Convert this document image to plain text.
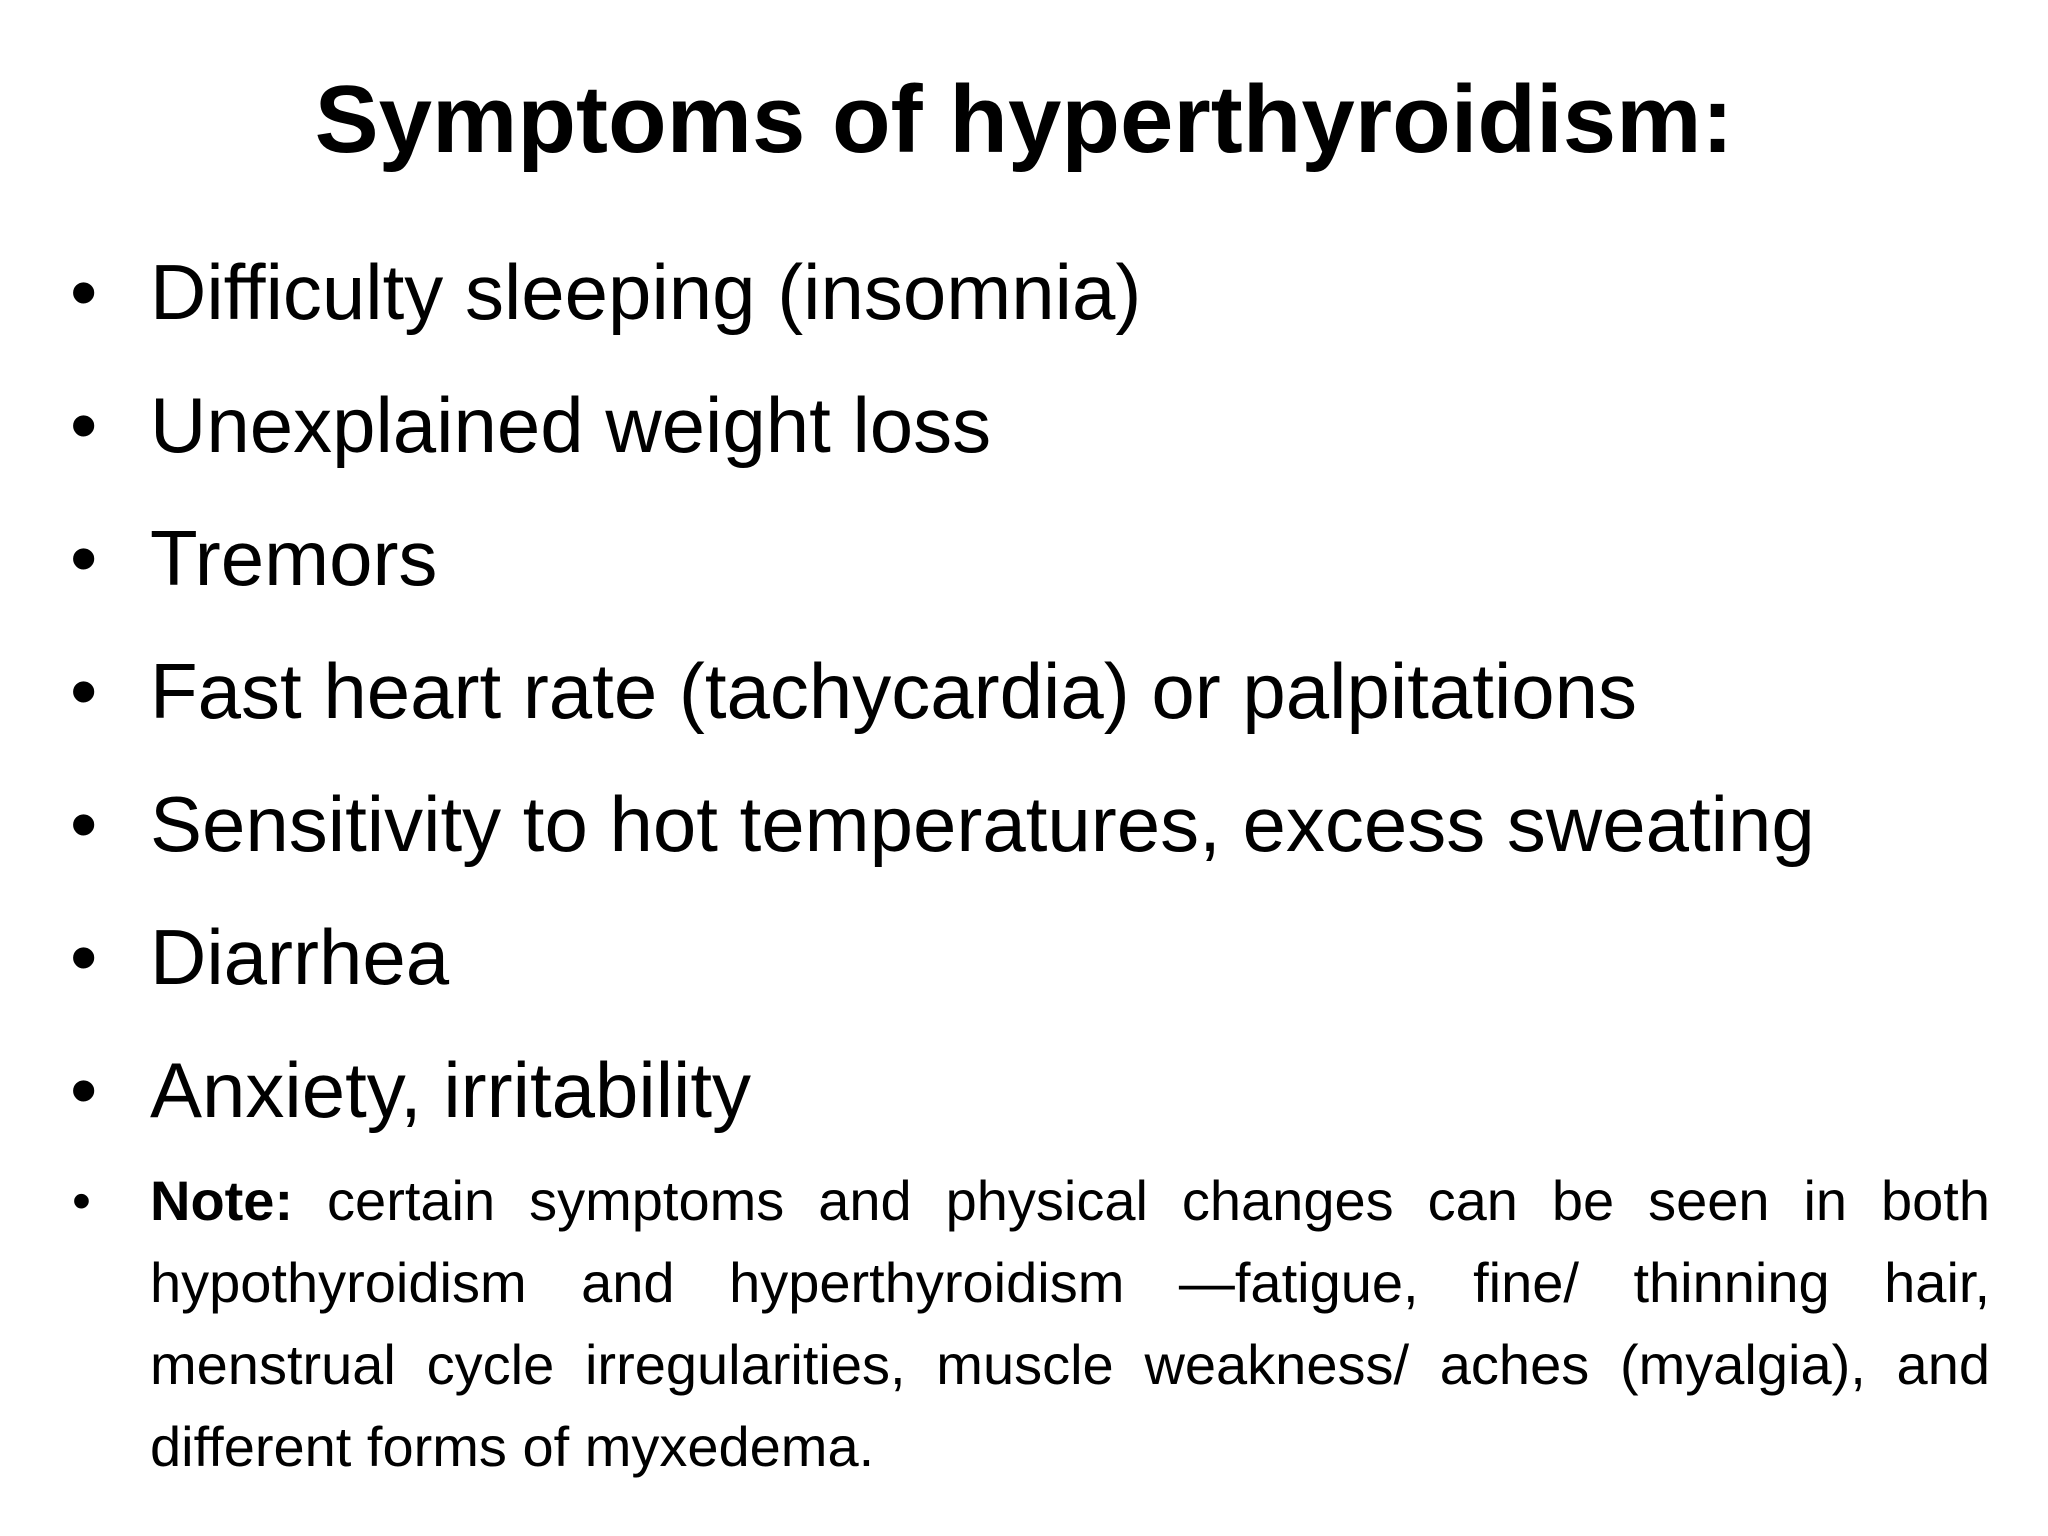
Symptoms of hyperthyroidism:
• Difficulty sleeping (insomnia)
• Unexplained weight loss
• Tremors
• Fast heart rate (tachycardia) or palpitations
• Sensitivity to hot temperatures, excess sweating
• Diarrhea
• Anxiety, irritability
• Note: certain symptoms and physical changes can be seen in both hypothyroidism and hyperthyroidism —fatigue, fine/ thinning hair, menstrual cycle irregularities, muscle weakness/ aches (myalgia), and different forms of myxedema.
